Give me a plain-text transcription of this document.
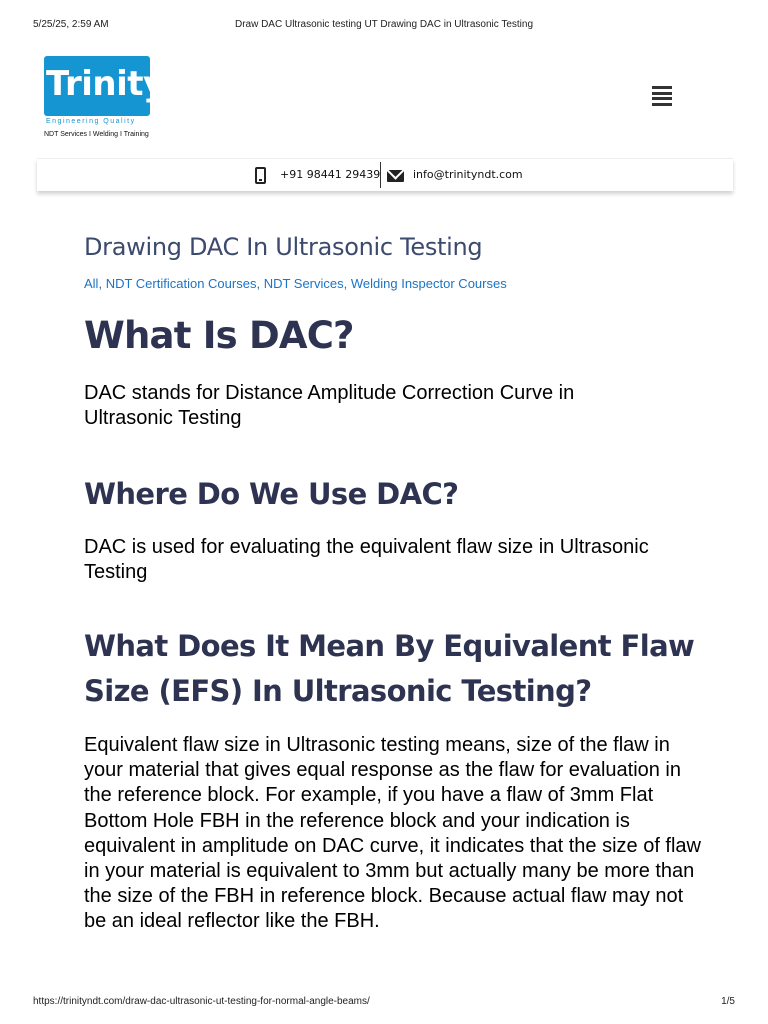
5/25/25, 2:59 AM	Draw DAC Ultrasonic testing UT Drawing DAC in Ultrasonic Testing
Trinity
Engineering Quality
NDT Services I Welding I Training
+91 98441 29439	info@trinityndt.com
Drawing DAC In Ultrasonic Testing
All, NDT Certification Courses, NDT Services, Welding Inspector Courses
What Is DAC?

DAC stands for Distance Amplitude Correction Curve in Ultrasonic Testing

Where Do We Use DAC?

DAC is used for evaluating the equivalent flaw size in Ultrasonic Testing

What Does It Mean By Equivalent Flaw Size (EFS) In Ultrasonic Testing?

Equivalent flaw size in Ultrasonic testing means, size of the flaw in your material that gives equal response as the flaw for evaluation in the reference block. For example, if you have a flaw of 3mm Flat Bottom Hole FBH in the reference block and your indication is equivalent in amplitude on DAC curve, it indicates that the size of flaw in your material is equivalent to 3mm but actually many be more than the size of the FBH in reference block. Because actual flaw may not be an ideal reflector like the FBH.

https://trinityndt.com/draw-dac-ultrasonic-ut-testing-for-normal-angle-beams/	1/5
